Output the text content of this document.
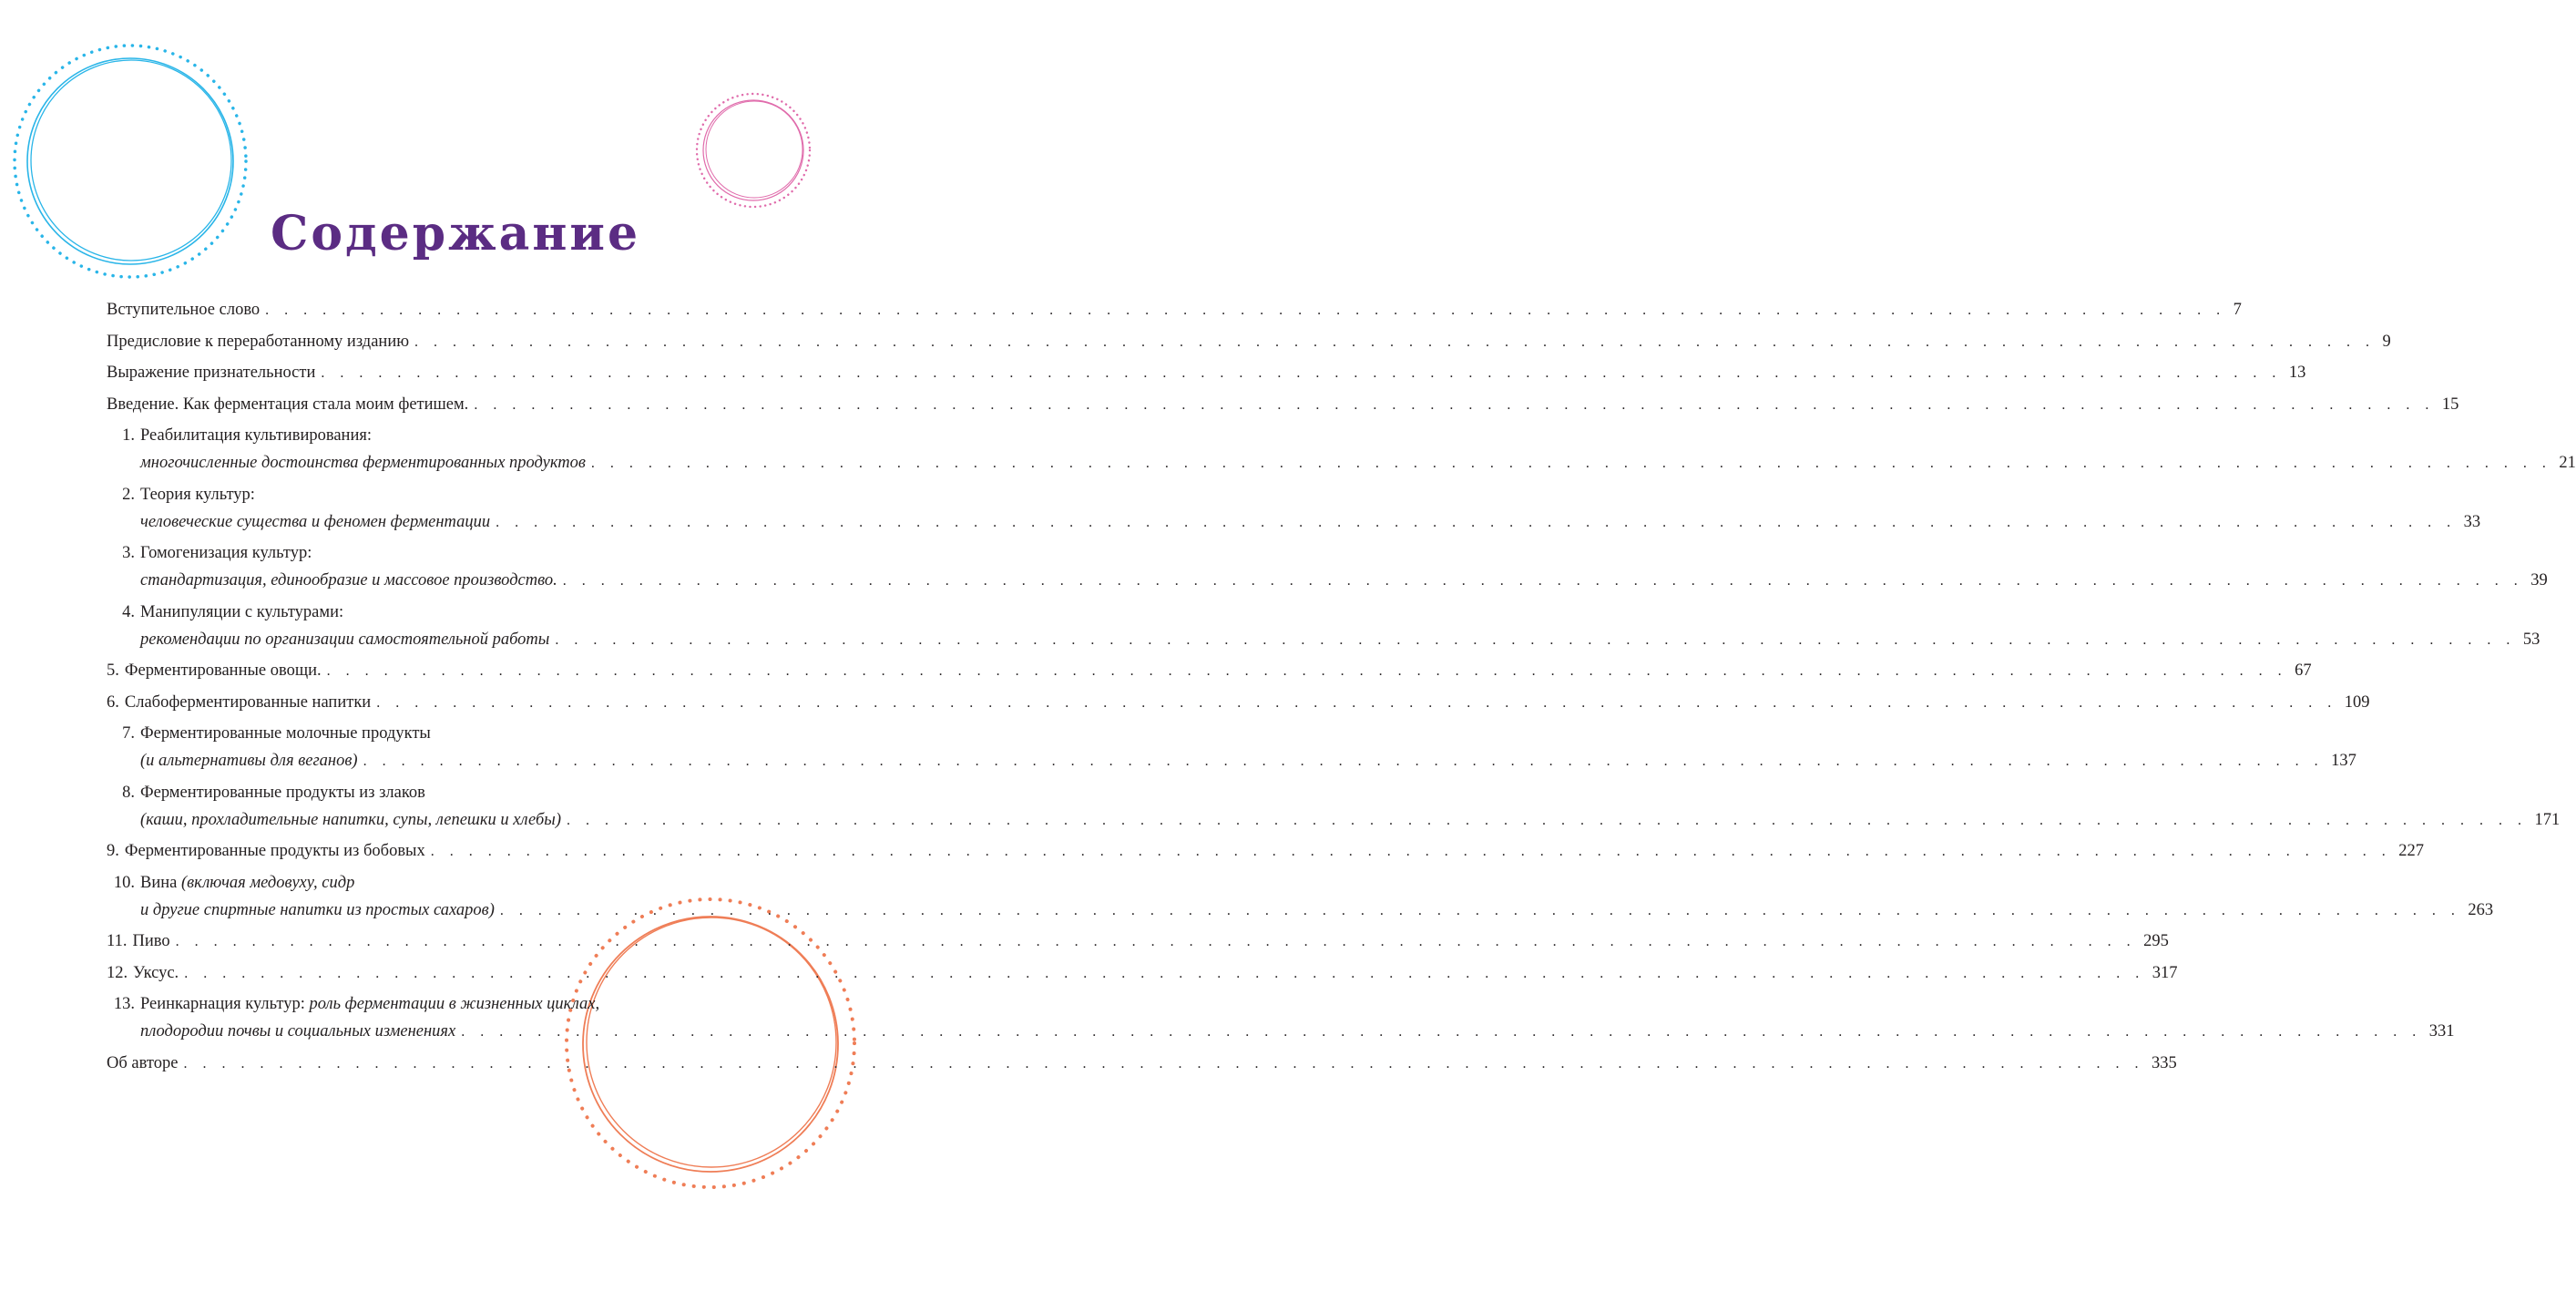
Содержание
Вступительное слово . . . . . . . . . . . . . . . . . . . . . . . . . . . . . . . . . . . . . . . . . . . . . . . . . . . . . . . . . . . . . . . . . . . . . . . . . . . . . . . . . . . . . . . . . . . . . . . . . . . . . . . 7
Предисловие к переработанному изданию . . . . . . . . . . . . . . . . . . . . . . . . . . . . . . . . . . . . . . . . . . . . . . . . . . . . . . . . . . . . . . . . . . . . . . . . . . . . . . . . . . . . . . . . . . . . . . . . . . . . . . . 9
Выражение признательности . . . . . . . . . . . . . . . . . . . . . . . . . . . . . . . . . . . . . . . . . . . . . . . . . . . . . . . . . . . . . . . . . . . . . . . . . . . . . . . . . . . . . . . . . . . . . . . . . . . . . . . 13
Введение. Как ферментация стала моим фетишем. . . . . . . . . . . . . . . . . . . . . . . . . . . . . . . . . . . . . . . . . . . . . . . . . . . . . . . . . . . . . . . . . . . . . . . . . . . . . . . . . . . . . . . . . . . . . . . . . . . . . . . . 15
1. Реабилитация культивирования:
многочисленные достоинства ферментированных продуктов . . . . . . . . . . . . . . . . . . . . . . . . . . . . . . . . . . . . . . . . . . . . . . . . . . . . . . . . . . . . . . . . . . . . . . . . . . . . . . . . . . . . . . . . . . . . . . . . . . . . . . . 21
2. Теория культур:
человеческие существа и феномен ферментации . . . . . . . . . . . . . . . . . . . . . . . . . . . . . . . . . . . . . . . . . . . . . . . . . . . . . . . . . . . . . . . . . . . . . . . . . . . . . . . . . . . . . . . . . . . . . . . . . . . . . . . 33
3. Гомогенизация культур:
стандартизация, единообразие и массовое производство. . . . . . . . . . . . . . . . . . . . . . . . . . . . . . . . . . . . . . . . . . . . . . . . . . . . . . . . . . . . . . . . . . . . . . . . . . . . . . . . . . . . . . . . . . . . . . . . . . . . . . . . 39
4. Манипуляции с культурами:
рекомендации по организации самостоятельной работы . . . . . . . . . . . . . . . . . . . . . . . . . . . . . . . . . . . . . . . . . . . . . . . . . . . . . . . . . . . . . . . . . . . . . . . . . . . . . . . . . . . . . . . . . . . . . . . . . . . . . . . 53
5. Ферментированные овощи. . . . . . . . . . . . . . . . . . . . . . . . . . . . . . . . . . . . . . . . . . . . . . . . . . . . . . . . . . . . . . . . . . . . . . . . . . . . . . . . . . . . . . . . . . . . . . . . . . . . . . . . 67
6. Слабоферментированные напитки . . . . . . . . . . . . . . . . . . . . . . . . . . . . . . . . . . . . . . . . . . . . . . . . . . . . . . . . . . . . . . . . . . . . . . . . . . . . . . . . . . . . . . . . . . . . . . . . . . . . . . . 109
7. Ферментированные молочные продукты
(и альтернативы для веганов) . . . . . . . . . . . . . . . . . . . . . . . . . . . . . . . . . . . . . . . . . . . . . . . . . . . . . . . . . . . . . . . . . . . . . . . . . . . . . . . . . . . . . . . . . . . . . . . . . . . . . . . 137
8. Ферментированные продукты из злаков
(каши, прохладительные напитки, супы, лепешки и хлебы) . . . . . . . . . . . . . . . . . . . . . . . . . . . . . . . . . . . . . . . . . . . . . . . . . . . . . . . . . . . . . . . . . . . . . . . . . . . . . . . . . . . . . . . . . . . . . . . . . . . . . . . 171
9. Ферментированные продукты из бобовых . . . . . . . . . . . . . . . . . . . . . . . . . . . . . . . . . . . . . . . . . . . . . . . . . . . . . . . . . . . . . . . . . . . . . . . . . . . . . . . . . . . . . . . . . . . . . . . . . . . . . . . 227
10. Вина
(включая медовуху, сидр
и другие спиртные напитки из простых сахаров) . . . . . . . . . . . . . . . . . . . . . . . . . . . . . . . . . . . . . . . . . . . . . . . . . . . . . . . . . . . . . . . . . . . . . . . . . . . . . . . . . . . . . . . . . . . . . . . . . . . . . . . 263
11. Пиво . . . . . . . . . . . . . . . . . . . . . . . . . . . . . . . . . . . . . . . . . . . . . . . . . . . . . . . . . . . . . . . . . . . . . . . . . . . . . . . . . . . . . . . . . . . . . . . . . . . . . . . 295
12. Уксус. . . . . . . . . . . . . . . . . . . . . . . . . . . . . . . . . . . . . . . . . . . . . . . . . . . . . . . . . . . . . . . . . . . . . . . . . . . . . . . . . . . . . . . . . . . . . . . . . . . . . . . . 317
13. Реинкарнация культур:
роль ферментации в жизненных циклах,
плодородии почвы и социальных изменениях . . . . . . . . . . . . . . . . . . . . . . . . . . . . . . . . . . . . . . . . . . . . . . . . . . . . . . . . . . . . . . . . . . . . . . . . . . . . . . . . . . . . . . . . . . . . . . . . . . . . . . . 331
Об авторе . . . . . . . . . . . . . . . . . . . . . . . . . . . . . . . . . . . . . . . . . . . . . . . . . . . . . . . . . . . . . . . . . . . . . . . . . . . . . . . . . . . . . . . . . . . . . . . . . . . . . . . 335
